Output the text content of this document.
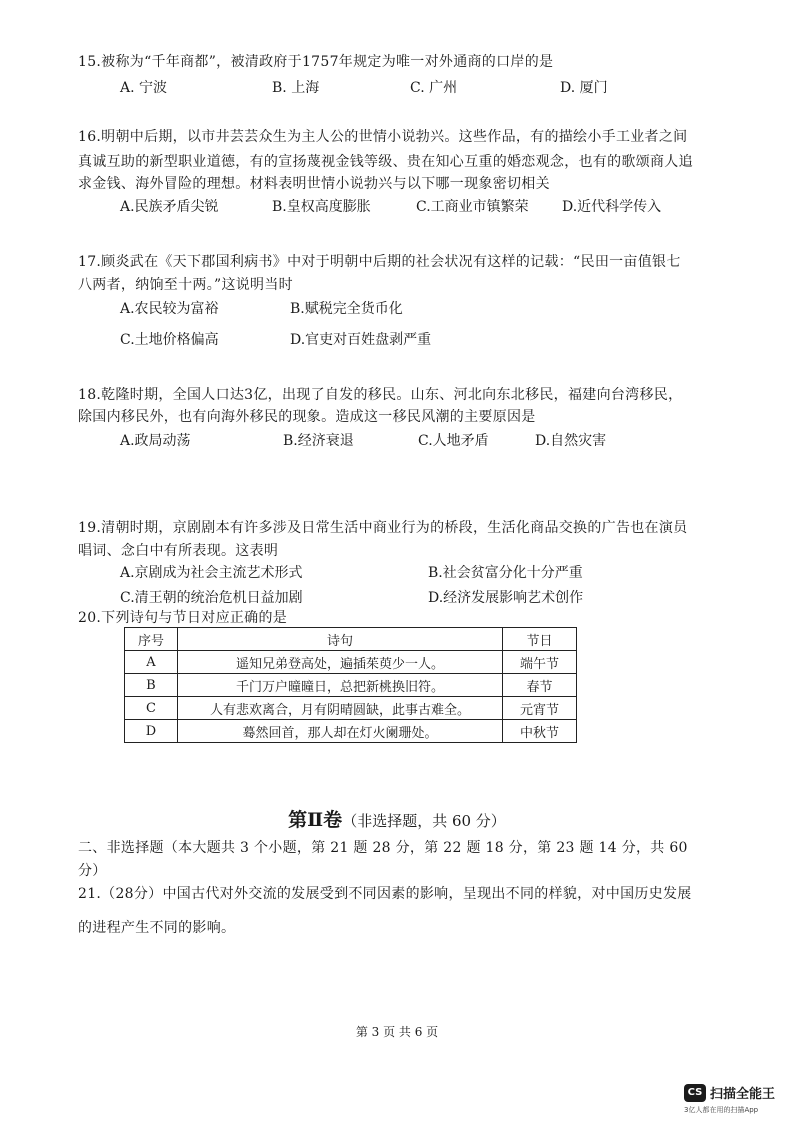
15.被称为“千年商都”，被清政府于1757年规定为唯一对外通商的口岸的是
A. 宁波	B. 上海	C. 广州	D. 厦门
16.明朝中后期，以市井芸芸众生为主人公的世情小说勃兴。这些作品，有的描绘小手工业者之间
真诚互助的新型职业道德，有的宣扬蔑视金钱等级、贵在知心互重的婚恋观念，也有的歌颂商人追
求金钱、海外冒险的理想。材料表明世情小说勃兴与以下哪一现象密切相关
A.民族矛盾尖锐	B.皇权高度膨胀	C.工商业市镇繁荣 D.近代科学传入
17.顾炎武在《天下郡国利病书》中对于明朝中后期的社会状况有这样的记载：“民田一亩值银七
八两者，纳饷至十两。”这说明当时
A.农民较为富裕	B.赋税完全货币化
C.土地价格偏高	D.官吏对百姓盘剥严重
18.乾隆时期，全国人口达3亿，出现了自发的移民。山东、河北向东北移民，福建向台湾移民，
除国内移民外，也有向海外移民的现象。造成这一移民风潮的主要原因是
A.政局动荡	B.经济衰退	C.人地矛盾	D.自然灾害
19.清朝时期，京剧剧本有许多涉及日常生活中商业行为的桥段，生活化商品交换的广告也在演员
唱词、念白中有所表现。这表明
A.京剧成为社会主流艺术形式	B.社会贫富分化十分严重
C.清王朝的统治危机日益加剧	D.经济发展影响艺术创作
20.下列诗句与节日对应正确的是
序号	诗句	节日
A	遥知兄弟登高处，遍插茱萸少一人。	端午节
B	千门万户曈曈日，总把新桃换旧符。	春节
C	人有悲欢离合，月有阴晴圆缺，此事古难全。	元宵节
D	蓦然回首，那人却在灯火阑珊处。	中秋节
第Ⅱ卷（非选择题，共 60 分）
二、非选择题（本大题共 3 个小题，第 21 题 28 分，第 22 题 18 分，第 23 题 14 分，共 60
分）
21.（28分）中国古代对外交流的发展受到不同因素的影响，呈现出不同的样貌，对中国历史发展
的进程产生不同的影响。
第 3 页 共 6 页
CS 扫描全能王
3亿人都在用的扫描App
